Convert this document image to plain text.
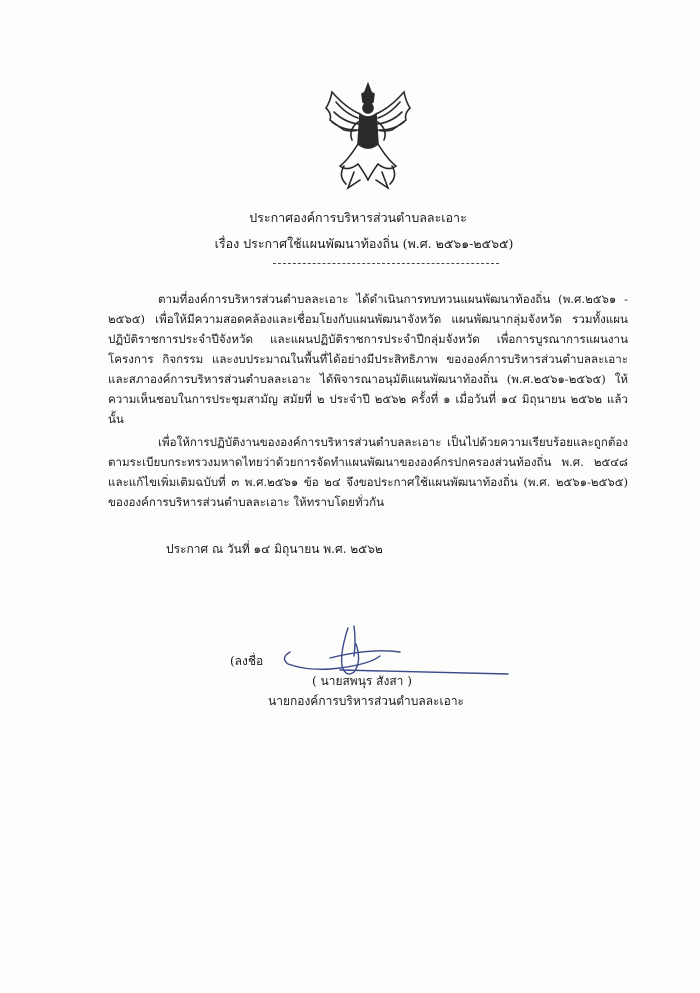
ประกาศองค์การบริหารส่วนตำบลละเอาะ
เรื่อง ประกาศใช้แผนพัฒนาท้องถิ่น (พ.ศ. ๒๕๖๑-๒๕๖๕)
ตามที่องค์การบริหารส่วนตำบลละเอาะ ได้ดำเนินการทบทวนแผนพัฒนาท้องถิ่น (พ.ศ.๒๕๖๑ - ๒๕๖๕) เพื่อให้มีความสอดคล้องและเชื่อมโยงกับแผนพัฒนาจังหวัด แผนพัฒนากลุ่มจังหวัด รวมทั้งแผนปฏิบัติราชการประจำปีจังหวัด และแผนปฏิบัติราชการประจำปีกลุ่มจังหวัด เพื่อการบูรณาการแผนงาน โครงการ กิจกรรม และงบประมาณในพื้นที่ได้อย่างมีประสิทธิภาพ ขององค์การบริหารส่วนตำบลละเอาะ และสภาองค์การบริหารส่วนตำบลละเอาะ ได้พิจารณาอนุมัติแผนพัฒนาท้องถิ่น (พ.ศ.๒๕๖๑-๒๕๖๕) ให้ความเห็นชอบในการประชุมสามัญ สมัยที่ ๒ ประจำปี ๒๕๖๒ ครั้งที่ ๑ เมื่อวันที่ ๑๔ มิถุนายน ๒๕๖๒ แล้วนั้น
เพื่อให้การปฏิบัติงานขององค์การบริหารส่วนตำบลละเอาะ เป็นไปด้วยความเรียบร้อยและถูกต้อง ตามระเบียบกระทรวงมหาดไทยว่าด้วยการจัดทำแผนพัฒนาขององค์กรปกครองส่วนท้องถิ่น พ.ศ. ๒๕๔๘ และแก้ไขเพิ่มเติมฉบับที่ ๓ พ.ศ.๒๕๖๑ ข้อ ๒๔ จึงขอประกาศใช้แผนพัฒนาท้องถิ่น (พ.ศ. ๒๕๖๑-๒๕๖๕) ขององค์การบริหารส่วนตำบลละเอาะ ให้ทราบโดยทั่วกัน
ประกาศ ณ วันที่ ๑๔ มิถุนายน พ.ศ. ๒๕๖๒
(ลงชื่อ
( นายสพนุร สังสา )
นายกองค์การบริหารส่วนตำบลละเอาะ
